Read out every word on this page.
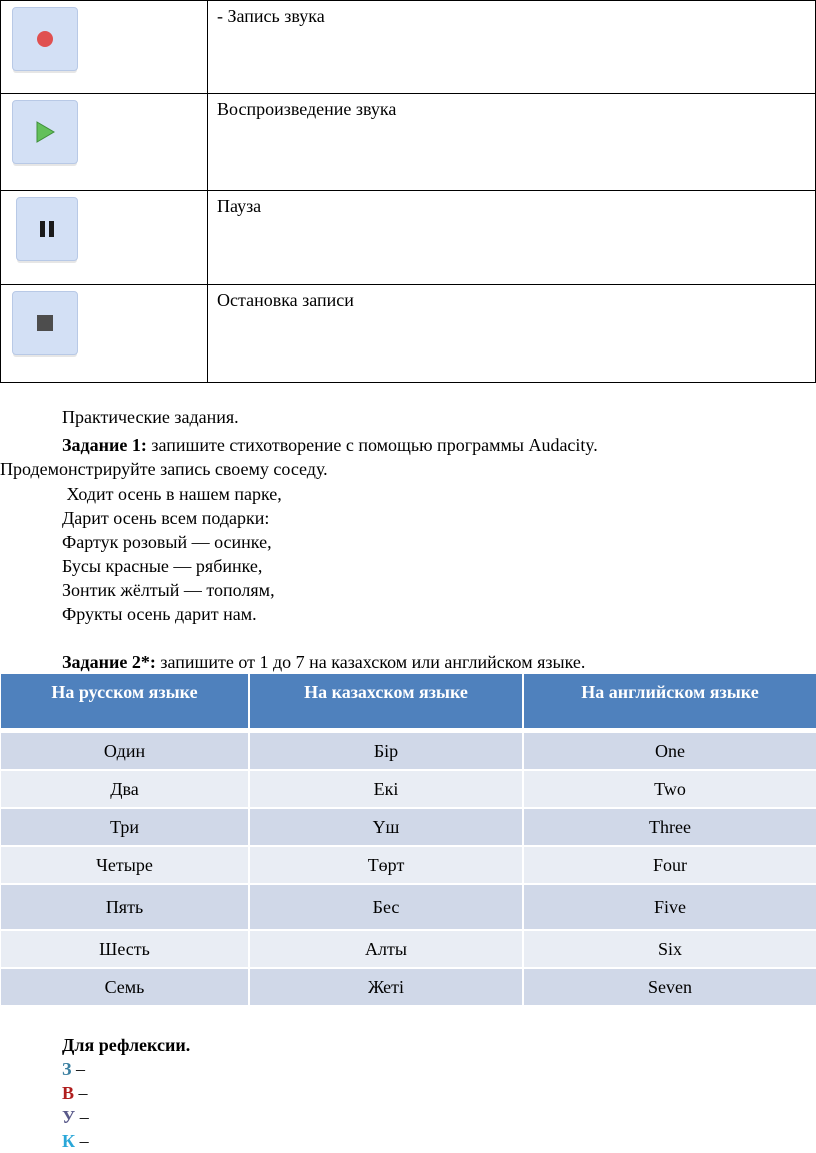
	- Запись звука

	Воспроизведение звука

	Пауза

	Остановка записи
Практические задания.
Задание 1: запишите стихотворение с помощью программы Audacity.
Продемонстрируйте запись своему соседу.
Ходит осень в нашем парке,
Дарит осень всем подарки:
Фартук розовый — осинке,
Бусы красные — рябинке,
Зонтик жёлтый — тополям,
Фрукты осень дарит нам.
Задание 2*: запишите от 1 до 7 на казахском или английском языке.
На русском языке	На казахском языке	На английском языке

Один	Бір	One
Два	Екі	Two
Три	Үш	Three
Четыре	Төрт	Four
Пять	Бес	Five
Шесть	Алты	Six
Семь	Жеті	Seven
Для рефлексии.
З –
В –
У –
К –
